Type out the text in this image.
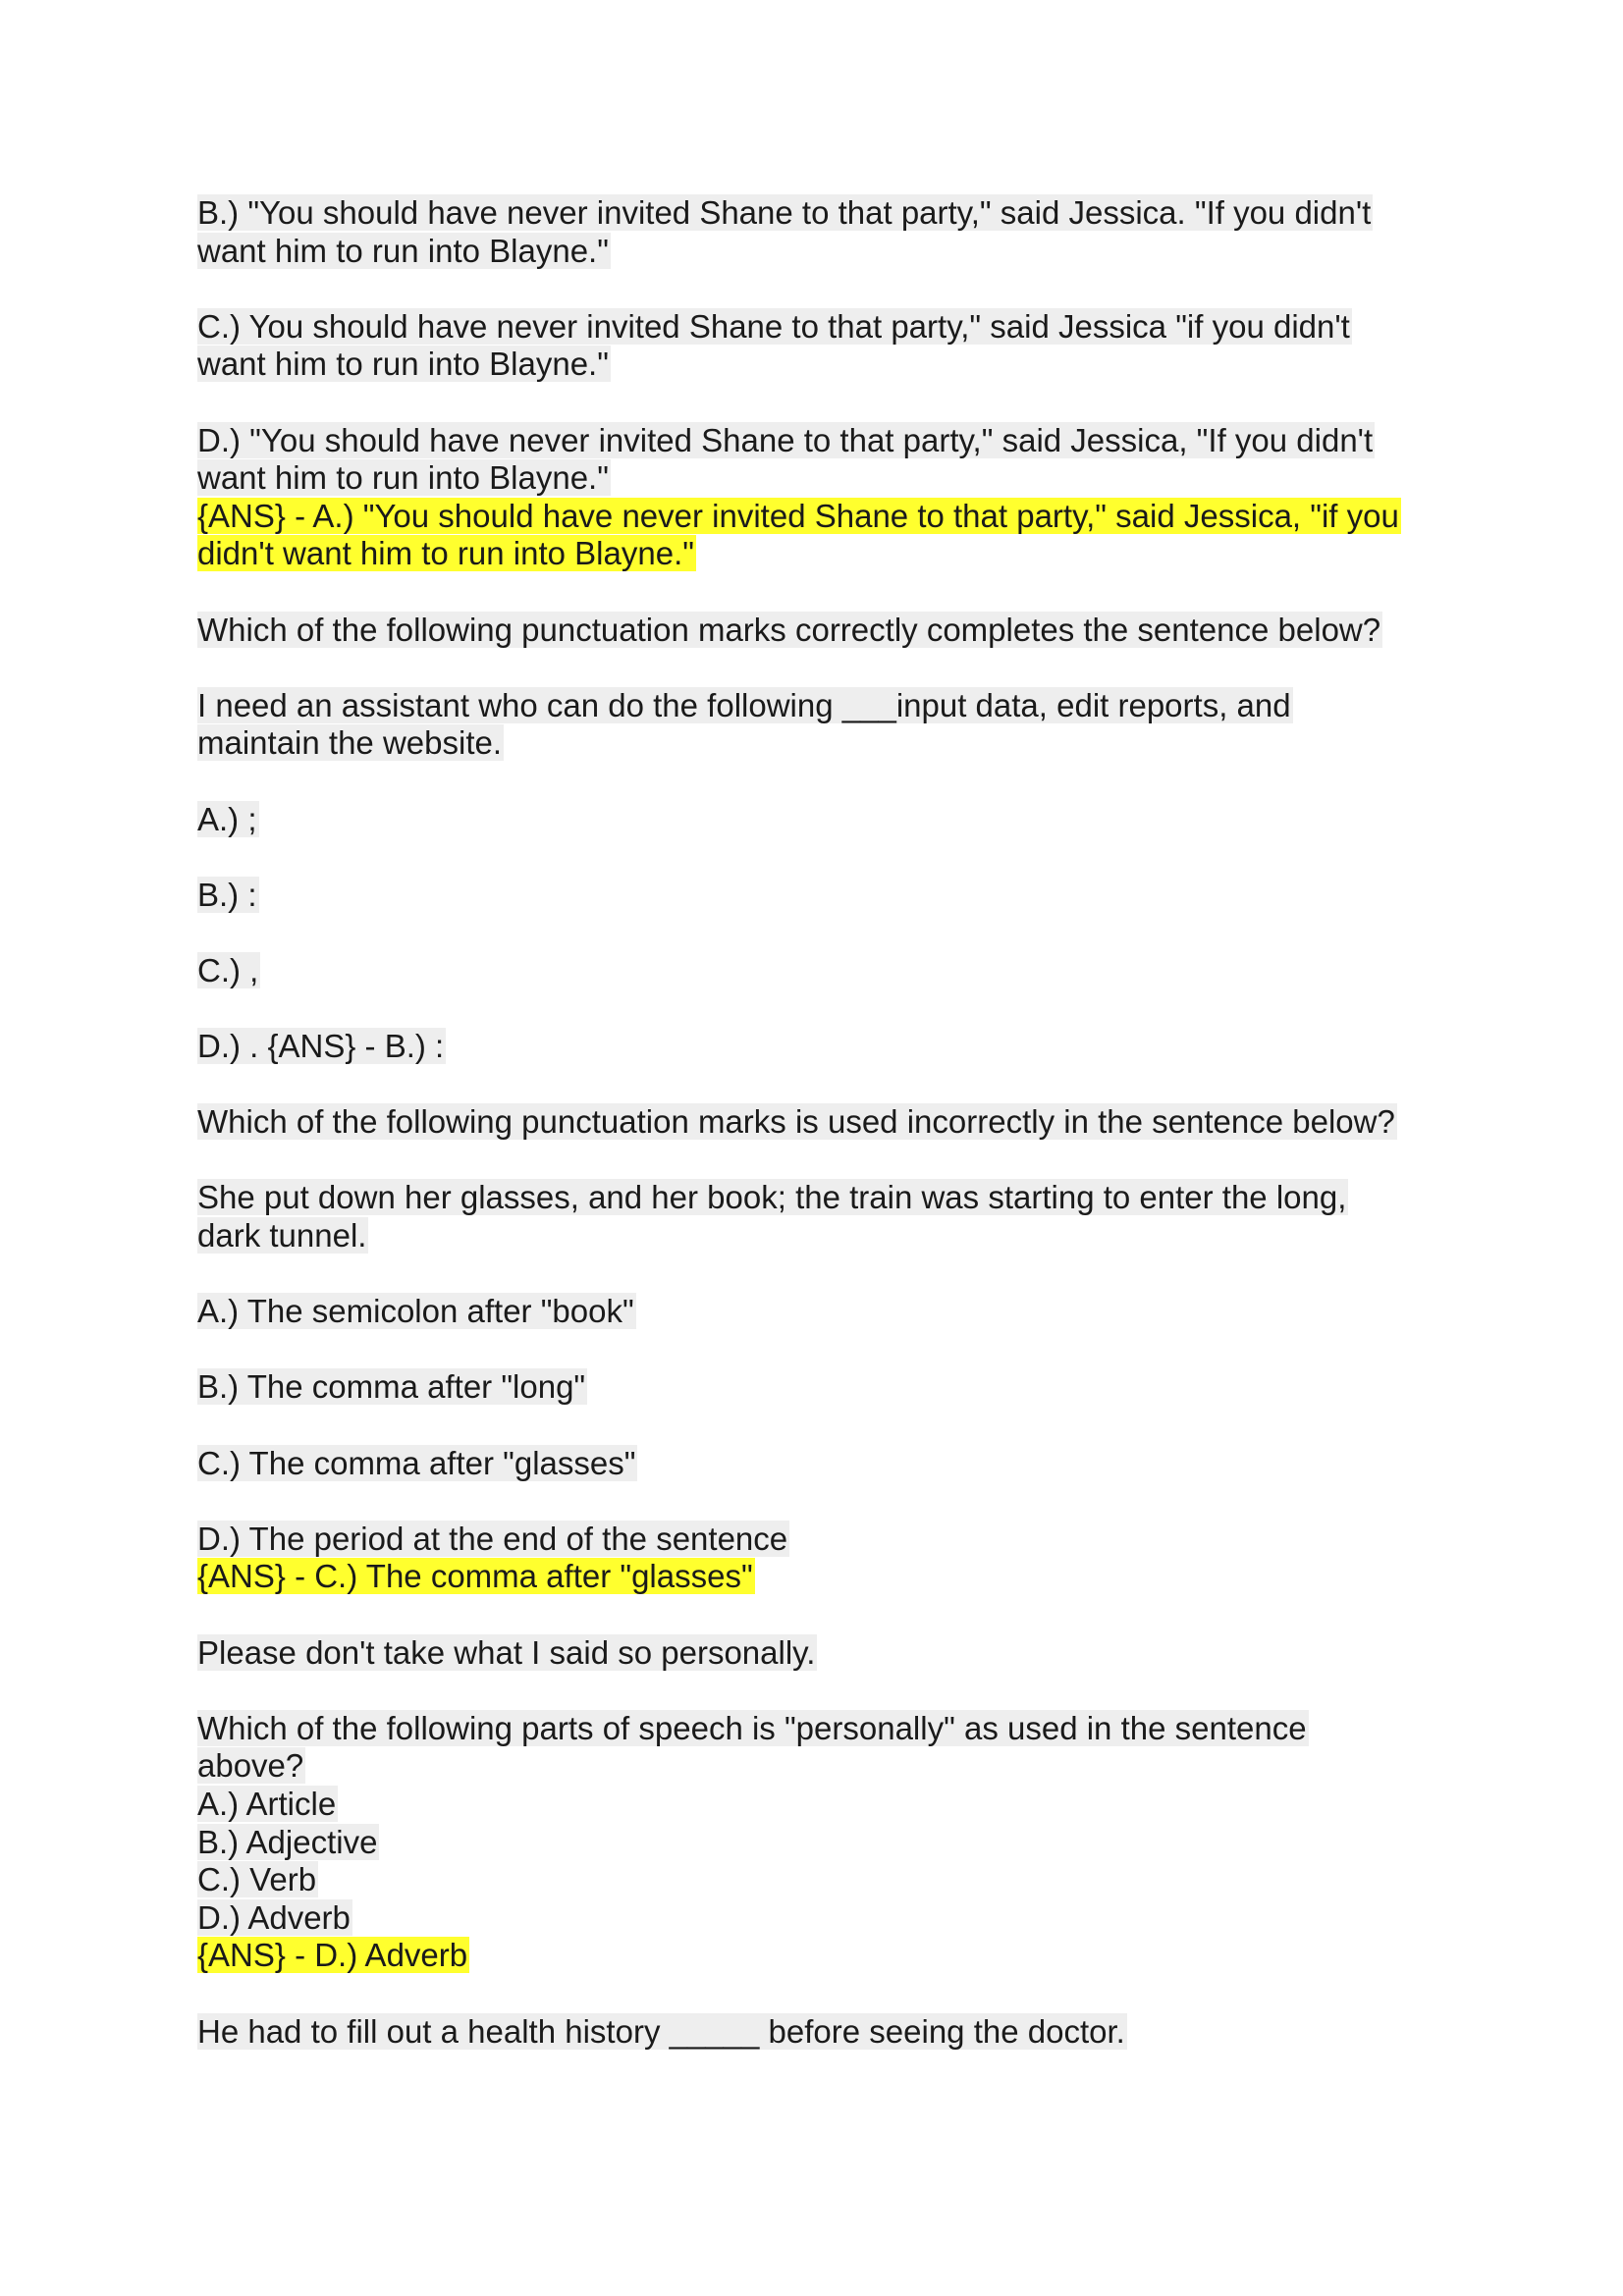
B.) "You should have never invited Shane to that party," said Jessica. "If you didn't
want him to run into Blayne."

C.) You should have never invited Shane to that party," said Jessica "if you didn't
want him to run into Blayne."

D.) "You should have never invited Shane to that party," said Jessica, "If you didn't
want him to run into Blayne."

{ANS} - A.) "You should have never invited Shane to that party," said Jessica, "if you
didn't want him to run into Blayne."

Which of the following punctuation marks correctly completes the sentence below?

I need an assistant who can do the following ___input data, edit reports, and
maintain the website.

A.) ;

B.) :

C.) ,

D.) . {ANS} - B.) :

Which of the following punctuation marks is used incorrectly in the sentence below?

She put down her glasses, and her book; the train was starting to enter the long,
dark tunnel.

A.) The semicolon after "book"

B.) The comma after "long"

C.) The comma after "glasses"

D.) The period at the end of the sentence

{ANS} - C.) The comma after "glasses"

Please don't take what I said so personally.

Which of the following parts of speech is "personally" as used in the sentence
above?

A.) Article

B.) Adjective

C.) Verb

D.) Adverb

{ANS} - D.) Adverb

He had to fill out a health history _____ before seeing the doctor.
